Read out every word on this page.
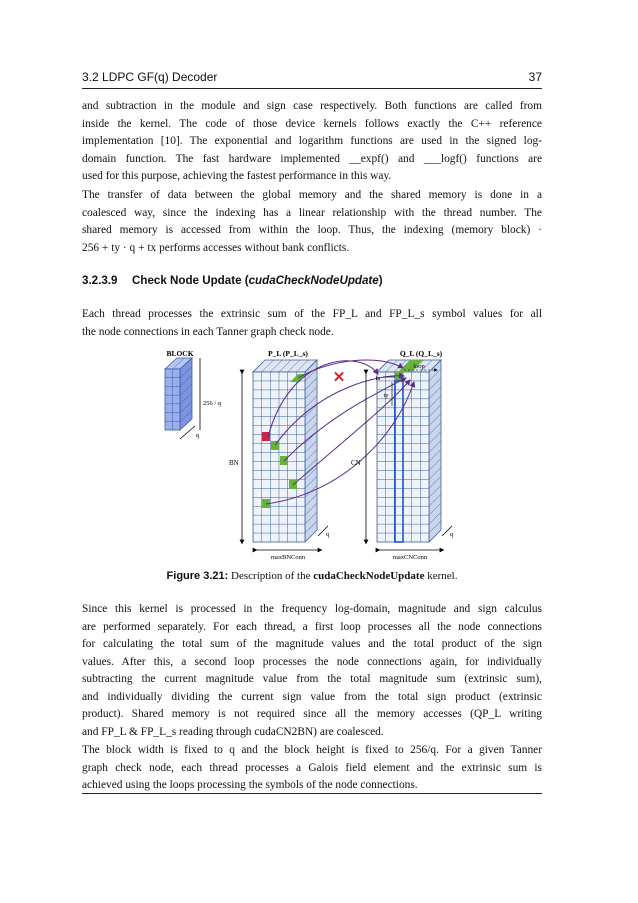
3.2 LDPC GF(q) Decoder	37

and subtraction in the module and sign case respectively. Both functions are called from
inside the kernel. The code of those device kernels follows exactly the C++ reference
implementation [10]. The exponential and logarithm functions are used in the signed log-
domain function. The fast hardware implemented __expf() and ___logf() functions are
used for this purpose, achieving the fastest performance in this way.

The transfer of data between the global memory and the shared memory is done in a
coalesced way, since the indexing has a linear relationship with the thread number. The
shared memory is accessed from within the loop. Thus, the indexing (memory block) ·
256 + ty · q + tx performs accesses without bank conflicts.

3.2.3.9 Check Node Update (cudaCheckNodeUpdate)

Each thread processes the extrinsic sum of the FP_L and FP_L_s symbol values for all
the node connections in each Tanner graph check node.

✕
BLOCK	P_L (P_L_s)	Q_L (Q_L_s)
loop
256 / q
q
BN	CN
ty
tx
q	q
maxBNConn	maxCNConn
Figure 3.21: Description of the cudaCheckNodeUpdate kernel.

Since this kernel is processed in the frequency log-domain, magnitude and sign calculus
are performed separately. For each thread, a first loop processes all the node connections
for calculating the total sum of the magnitude values and the total product of the sign
values. After this, a second loop processes the node connections again, for individually
subtracting the current magnitude value from the total magnitude sum (extrinsic sum),
and individually dividing the current sign value from the total sign product (extrinsic
product). Shared memory is not required since all the memory accesses (QP_L writing
and FP_L & FP_L_s reading through cudaCN2BN) are coalesced.

The block width is fixed to q and the block height is fixed to 256/q. For a given Tanner
graph check node, each thread processes a Galois field element and the extrinsic sum is
achieved using the loops processing the symbols of the node connections.
